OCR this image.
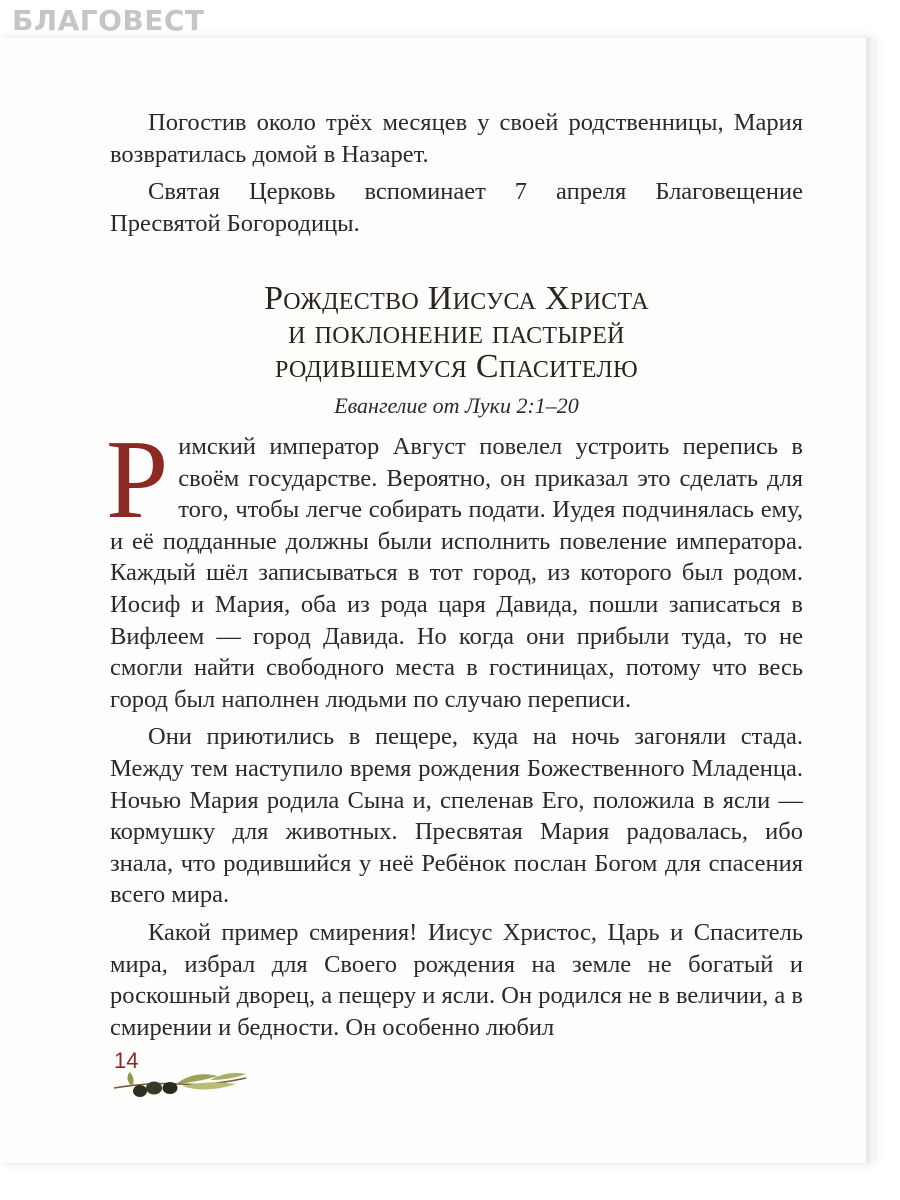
БЛАГОВЕСТ

Погостив около трёх месяцев у своей родственницы, Мария возвратилась домой в Назарет.

Святая Церковь вспоминает 7 апреля Благовещение Пресвятой Богородицы.

Рождество Иисуса Христа
и поклонение пастырей
родившемуся Спасителю
Евангелие от Луки 2:1–20

Римский император Август повелел устроить перепись в своём государстве. Вероятно, он приказал это сделать для того, чтобы легче собирать подати. Иудея подчинялась ему, и её подданные должны были исполнить повеление императора. Каждый шёл записываться в тот город, из которого был родом. Иосиф и Мария, оба из рода царя Давида, пошли записаться в Вифлеем — город Давида. Но когда они прибыли туда, то не смогли найти свободного места в гостиницах, потому что весь город был наполнен людьми по случаю переписи.

Они приютились в пещере, куда на ночь загоняли стада. Между тем наступило время рождения Божественного Младенца. Ночью Мария родила Сына и, спеленав Его, положила в ясли — кормушку для животных. Пресвятая Мария радовалась, ибо знала, что родившийся у неё Ребёнок послан Богом для спасения всего мира.

Какой пример смирения! Иисус Христос, Царь и Спаситель мира, избрал для Своего рождения на земле не богатый и роскошный дворец, а пещеру и ясли. Он родился не в величии, а в смирении и бедности. Он особенно любил

14
